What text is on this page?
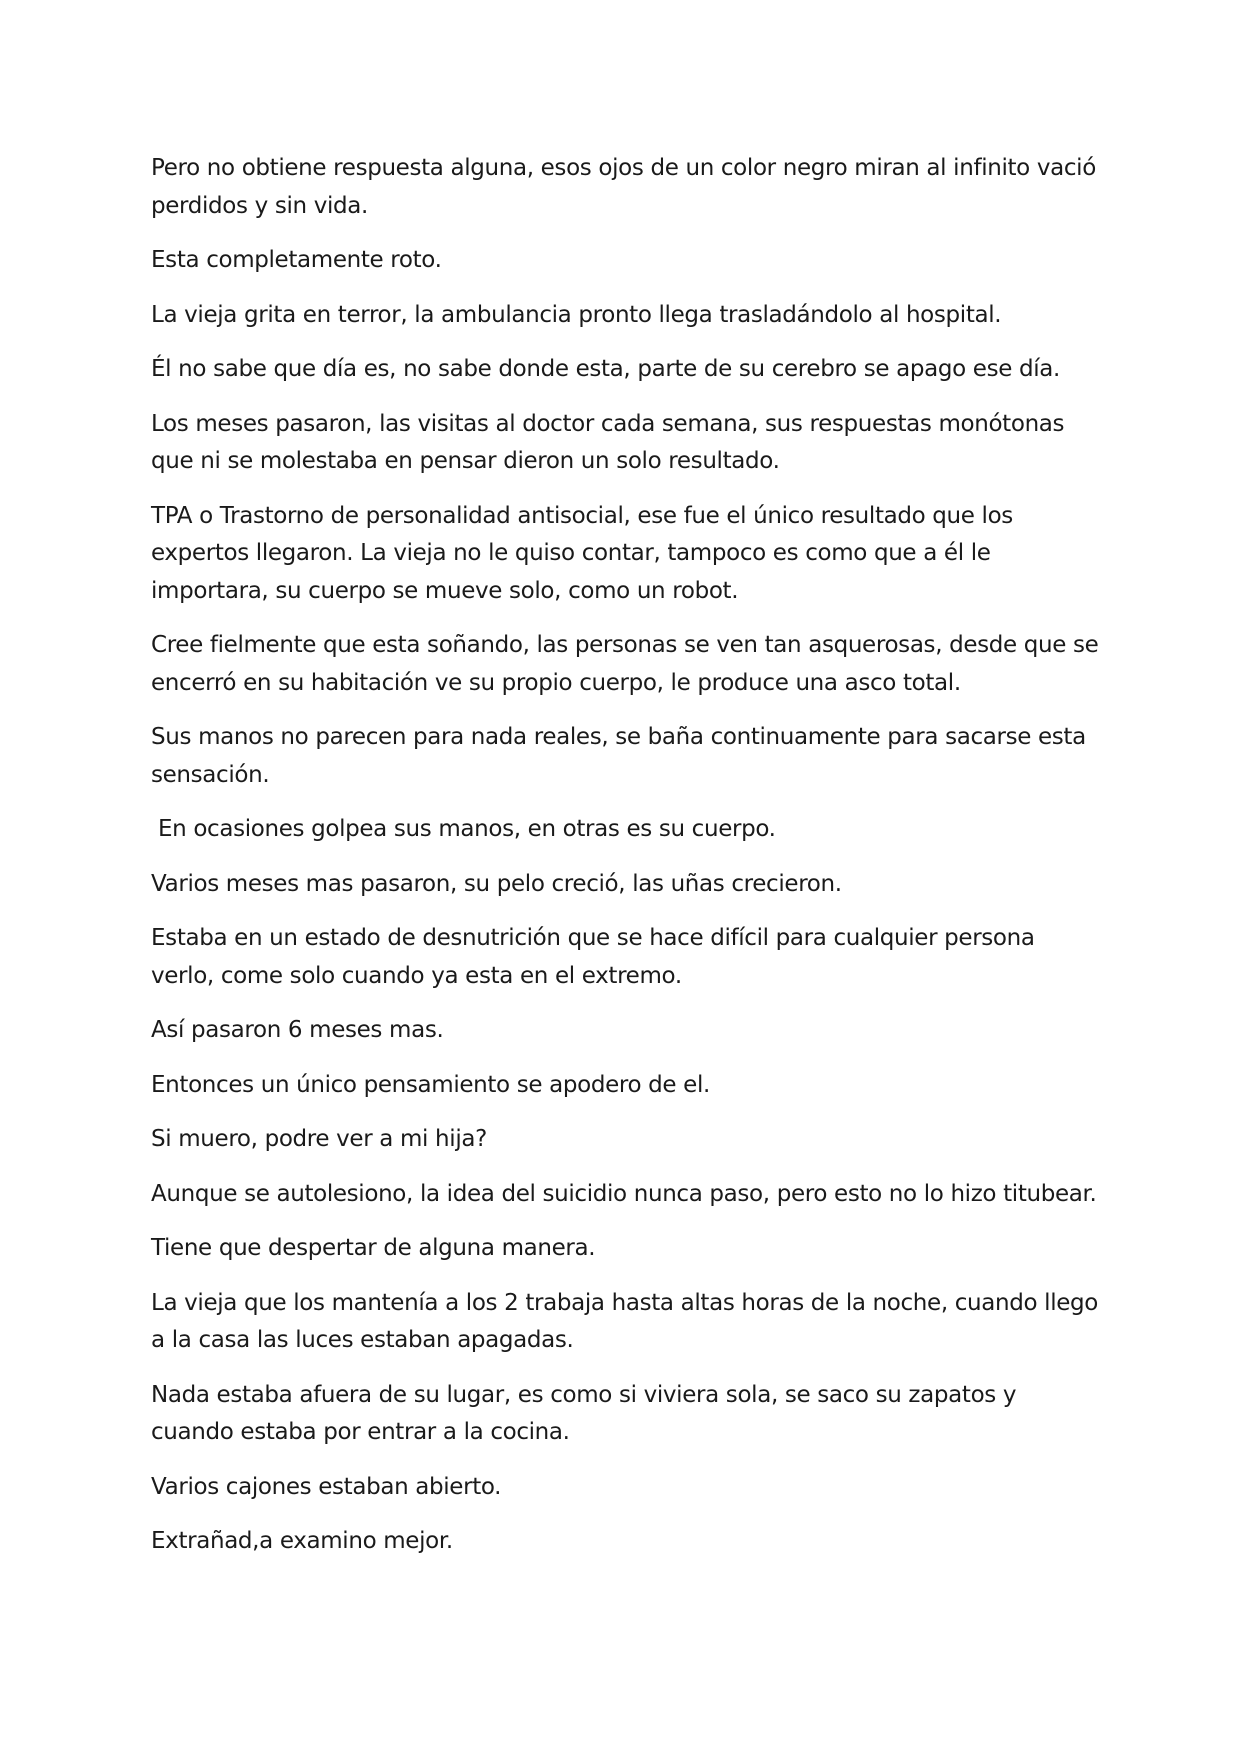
Pero no obtiene respuesta alguna, esos ojos de un color negro miran al infinito vació perdidos y sin vida.

Esta completamente roto.

La vieja grita en terror, la ambulancia pronto llega trasladándolo al hospital.

Él no sabe que día es, no sabe donde esta, parte de su cerebro se apago ese día.

Los meses pasaron, las visitas al doctor cada semana, sus respuestas monótonas que ni se molestaba en pensar dieron un solo resultado.

TPA o Trastorno de personalidad antisocial, ese fue el único resultado que los expertos llegaron. La vieja no le quiso contar, tampoco es como que a él le importara, su cuerpo se mueve solo, como un robot.

Cree fielmente que esta soñando, las personas se ven tan asquerosas, desde que se encerró en su habitación ve su propio cuerpo, le produce una asco total.

Sus manos no parecen para nada reales, se baña continuamente para sacarse esta sensación.

En ocasiones golpea sus manos, en otras es su cuerpo.

Varios meses mas pasaron, su pelo creció, las uñas crecieron.

Estaba en un estado de desnutrición que se hace difícil para cualquier persona verlo, come solo cuando ya esta en el extremo.

Así pasaron 6 meses mas.

Entonces un único pensamiento se apodero de el.

Si muero, podre ver a mi hija?

Aunque se autolesiono, la idea del suicidio nunca paso, pero esto no lo hizo titubear.

Tiene que despertar de alguna manera.

La vieja que los mantenía a los 2 trabaja hasta altas horas de la noche, cuando llego a la casa las luces estaban apagadas.

Nada estaba afuera de su lugar, es como si viviera sola, se saco su zapatos y cuando estaba por entrar a la cocina.

Varios cajones estaban abierto.

Extrañad,a examino mejor.
